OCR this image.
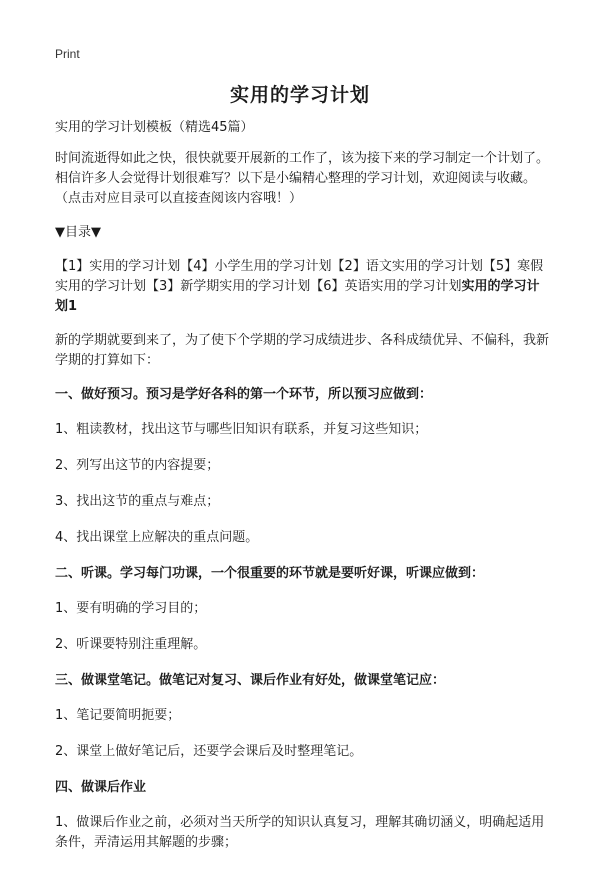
Print
实用的学习计划

实用的学习计划模板（精选45篇）

时间流逝得如此之快，很快就要开展新的工作了，该为接下来的学习制定一个计划了。相信许多人会觉得计划很难写？以下是小编精心整理的学习计划，欢迎阅读与收藏。（点击对应目录可以直接查阅该内容哦！）

▼目录▼

【1】实用的学习计划【4】小学生用的学习计划【2】语文实用的学习计划【5】寒假实用的学习计划【3】新学期实用的学习计划【6】英语实用的学习计划实用的学习计划1

新的学期就要到来了，为了使下个学期的学习成绩进步、各科成绩优异、不偏科，我新学期的打算如下：

一、做好预习。预习是学好各科的第一个环节，所以预习应做到：

1、粗读教材，找出这节与哪些旧知识有联系，并复习这些知识；

2、列写出这节的内容提要；

3、找出这节的重点与难点；

4、找出课堂上应解决的重点问题。

二、听课。学习每门功课，一个很重要的环节就是要听好课，听课应做到：

1、要有明确的学习目的；

2、听课要特别注重理解。

三、做课堂笔记。做笔记对复习、课后作业有好处，做课堂笔记应：

1、笔记要简明扼要；

2、课堂上做好笔记后，还要学会课后及时整理笔记。

四、做课后作业

1、做课后作业之前，必须对当天所学的知识认真复习，理解其确切涵义，明确起适用条件，弄清运用其解题的步骤；
